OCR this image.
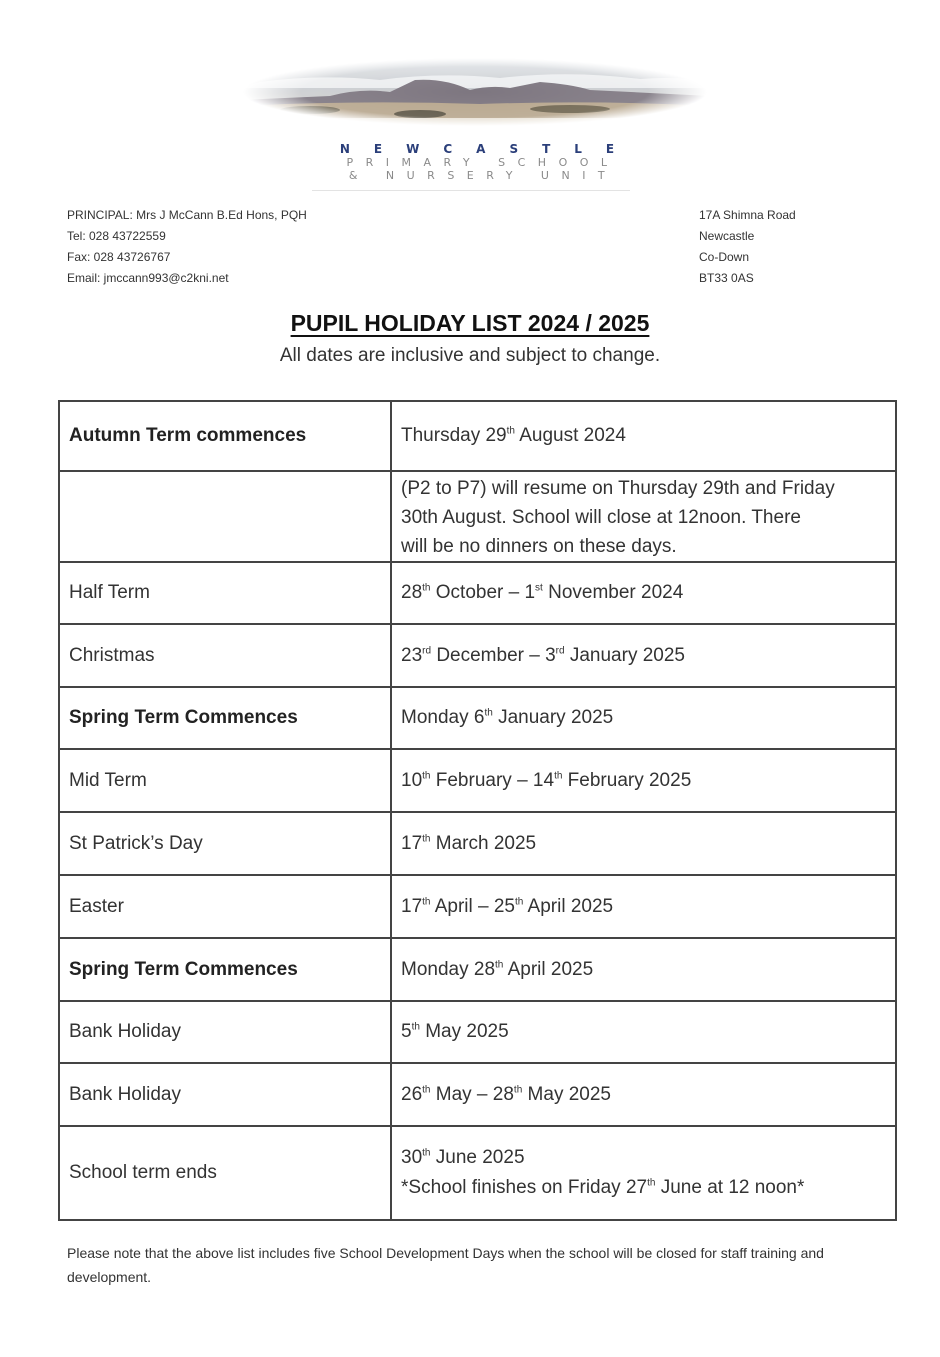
NEWCASTLE
PRIMARY SCHOOL
& NURSERY UNIT
PRINCIPAL: Mrs J McCann B.Ed Hons, PQH
Tel: 028 43722559
Fax: 028 43726767
Email: jmccann993@c2kni.net
17A Shimna Road
Newcastle
Co-Down
BT33 0AS
PUPIL HOLIDAY LIST 2024 / 2025
All dates are inclusive and subject to change.
Autumn Term commences	Thursday 29th August 2024

	(P2 to P7) will resume on Thursday 29th and Friday
30th August. School will close at 12noon. There
will be no dinners on these days.

Half Term	28th October – 1st November 2024

Christmas	23rd December – 3rd January 2025

Spring Term Commences	Monday 6th January 2025

Mid Term	10th February – 14th February 2025

St Patrick’s Day	17th March 2025

Easter	17th April – 25th April 2025

Spring Term Commences	Monday 28th April 2025

Bank Holiday	5th May 2025

Bank Holiday	26th May – 28th May 2025

School term ends	30th June 2025
*School finishes on Friday 27th June at 12 noon*
Please note that the above list includes five School Development Days when the school will be closed for staff training and development.
